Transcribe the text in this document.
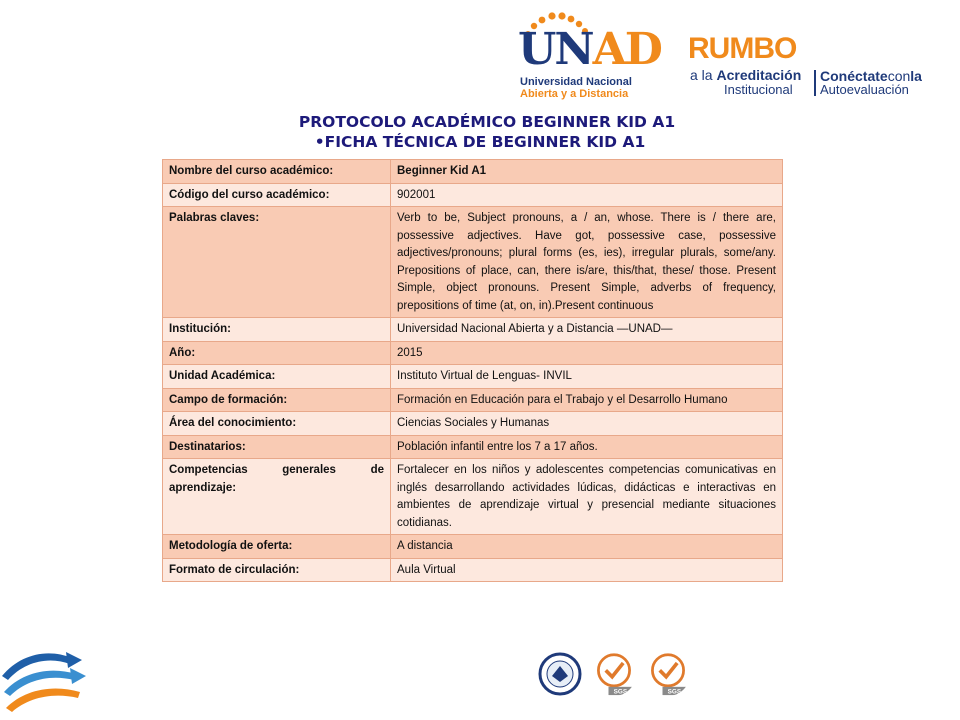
UNAD
Universidad Nacional
Abierta y a Distancia
RUMBO
a la Acreditación
Institucional
Conéctateconla
Autoevaluación
PROTOCOLO ACADÉMICO BEGINNER KID A1
•FICHA TÉCNICA DE BEGINNER KID A1
Nombre del curso académico:	Beginner Kid A1
Código del curso académico:	902001
Palabras claves:	Verb to be, Subject pronouns, a / an, whose. There is / there are, possessive adjectives. Have got, possessive case, possessive adjectives/pronouns; plural forms (es, ies), irregular plurals, some/any. Prepositions of place, can, there is/are, this/that, these/ those. Present Simple, object pronouns. Present Simple, adverbs of frequency, prepositions of time (at, on, in).Present continuous
Institución:	Universidad Nacional Abierta y a Distancia —UNAD—
Año:	2015
Unidad Académica:	Instituto Virtual de Lenguas- INVIL
Campo de formación:	Formación en Educación para el Trabajo y el Desarrollo Humano
Área del conocimiento:	Ciencias Sociales y Humanas
Destinatarios:	Población infantil entre los 7 a 17 años.
Competencias generales de aprendizaje:	Fortalecer en los niños y adolescentes competencias comunicativas en inglés desarrollando actividades lúdicas, didácticas e interactivas en ambientes de aprendizaje virtual y presencial mediante situaciones cotidianas.
Metodología de oferta:	A distancia
Formato de circulación:	Aula Virtual
SGS	SGS
